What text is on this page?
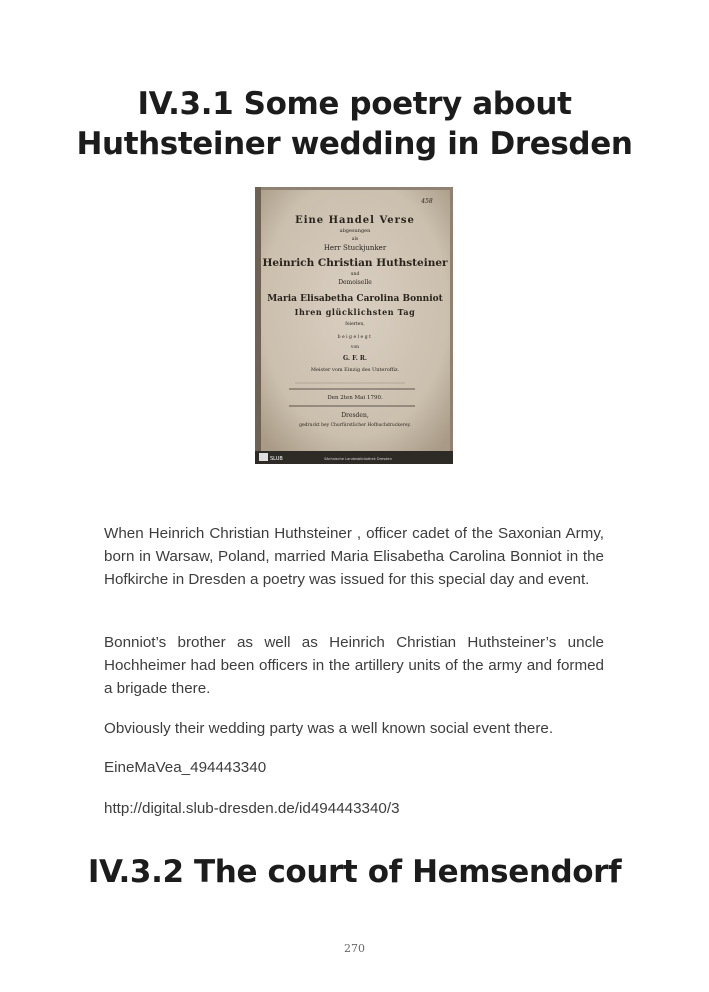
IV.3.1 Some poetry about
Huthsteiner wedding in Dresden
458
Eine Handel Verse
abgesungen
als
Herr Stuckjunker
Heinrich Christian Huthsteiner
und
Demoiselle
Maria Elisabetha Carolina Bonniot
Ihren glücklichsten Tag
feierten,
beigelegt
von
G. F. R.
Meister vom Einzig des Unteroffiz.
Den 2ten Mai 1790.
Dresden,
gedruckt bey Churfürstlicher Hofbuchdruckerey.
SLUB	Sächsische Landesbibliothek Dresden

When Heinrich Christian Huthsteiner , officer cadet of the Saxonian Army, born in Warsaw, Poland, married Maria Elisabetha Carolina Bonniot in the Hofkirche in Dresden a poetry was issued for this special day and event.

Bonniot’s brother as well as Heinrich Christian Huthsteiner’s uncle Hochheimer had been officers in the artillery units of the army and formed a brigade there.

Obviously their wedding party was a well known social event there.

EineMaVea_494443340

http://digital.slub-dresden.de/id494443340/3

IV.3.2 The court of Hemsendorf
270
